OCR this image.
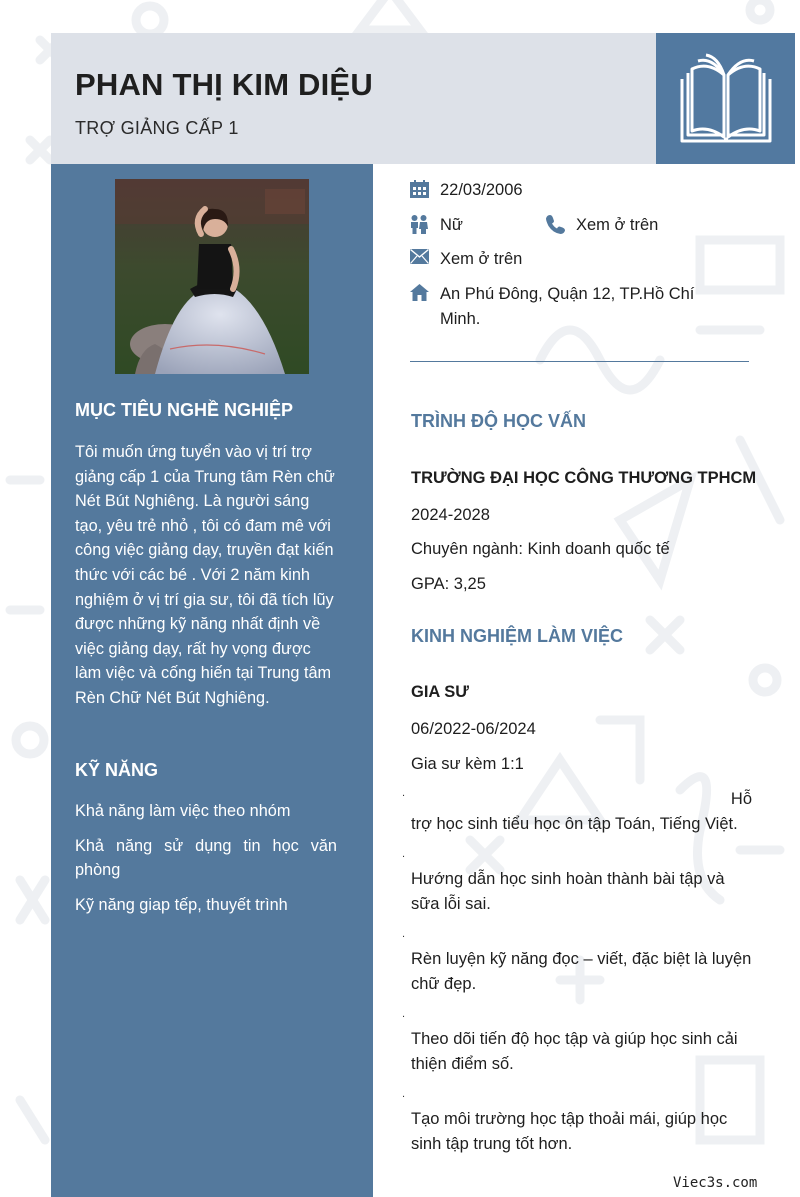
PHAN THỊ KIM DIỆU
TRỢ GIẢNG CẤP 1
MỤC TIÊU NGHỀ NGHIỆP
Tôi muốn ứng tuyển vào vị trí trợ giảng cấp 1 của Trung tâm Rèn chữ Nét Bút Nghiêng. Là người sáng tạo, yêu trẻ nhỏ , tôi có đam mê với công việc giảng dạy, truyền đạt kiến thức với các bé . Với 2 năm kinh nghiệm ở vị trí gia sư, tôi đã tích lũy được những kỹ năng nhất định về việc giảng dạy, rất hy vọng được làm việc và cống hiến tại Trung tâm Rèn Chữ Nét Bút Nghiêng.
KỸ NĂNG
Khả năng làm việc theo nhóm
Khả năng sử dụng tin học văn phòng
Kỹ năng giap tếp, thuyết trình
22/03/2006
Nữ	Xem ở trên
Xem ở trên
An Phú Đông, Quận 12, TP.Hồ Chí
Minh.
TRÌNH ĐỘ HỌC VẤN
TRƯỜNG ĐẠI HỌC CÔNG THƯƠNG TPHCM
2024-2028
Chuyên ngành: Kinh doanh quốc tế
GPA: 3,25
KINH NGHIỆM LÀM VIỆC
GIA SƯ
06/2022-06/2024
Gia sư kèm 1:1
.	Hỗ
trợ học sinh tiểu học ôn tập Toán, Tiếng Việt.
.
Hướng dẫn học sinh hoàn thành bài tập và sữa lỗi sai.
.
Rèn luyện kỹ năng đọc – viết, đặc biệt là luyện chữ đẹp.
.
Theo dõi tiến độ học tập và giúp học sinh cải thiện điểm số.
.
Tạo môi trường học tập thoải mái, giúp học sinh tập trung tốt hơn.
Viec3s.com
